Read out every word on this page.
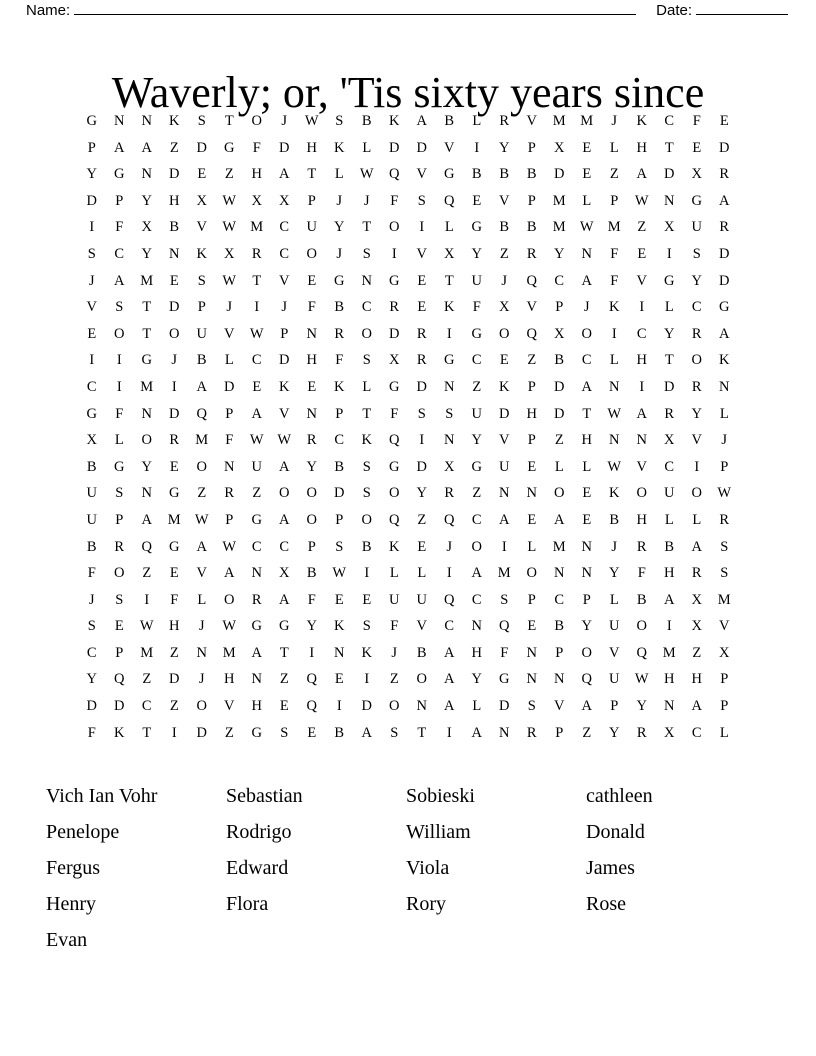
Name:	Date:
Waverly; or, 'Tis sixty years since
G	N	N	K	S	T	O	J	W	S	B	K	A	B	L	R	V	M	M	J	K	C	F	E
P	A	A	Z	D	G	F	D	H	K	L	D	D	V	I	Y	P	X	E	L	H	T	E	D
Y	G	N	D	E	Z	H	A	T	L	W	Q	V	G	B	B	B	D	E	Z	A	D	X	R
D	P	Y	H	X	W	X	X	P	J	J	F	S	Q	E	V	P	M	L	P	W	N	G	A
I	F	X	B	V	W M	C	U	Y	T	O	I	L	G	B	B	M W M	Z	X	U	R
S	C	Y	N	K	X	R	C	O	J	S	I	V	X	Y	Z	R	Y	N	F	E	I	S	D
J	A	M	E	S	W	T	V	E	G	N	G	E	T	U	J	Q	C	A	F	V	G	Y	D
V	S	T	D	P	J	I	J	F	B	C	R	E	K	F	X	V	P	J	K	I	L	C	G
E	O	T	O	U	V	W	P	N	R	O	D	R	I	G	O	Q	X	O	I	C	Y	R	A
I	I	G	J	B	L	C	D	H	F	S	X	R	G	C	E	Z	B	C	L	H	T	O	K
C	I	M	I	A	D	E	K	E	K	L	G	D	N	Z	K	P	D	A	N	I	D	R	N
G	F	N	D	Q	P	A	V	N	P	T	F	S	S	U	D	H	D	T	W	A	R	Y	L
X	L	O	R	M	F	W W	R	C	K	Q	I	N	Y	V	P	Z	H	N	N	X	V	J
B	G	Y	E	O	N	U	A	Y	B	S	G	D	X	G	U	E	L	L	W	V	C	I	P
U	S	N	G	Z	R	Z	O	O	D	S	O	Y	R	Z	N	N	O	E	K	O	U	O	W
U	P	A	M W	P	G	A	O	P	O	Q	Z	Q	C	A	E	A	E	B	H	L	L	R
B	R	Q	G	A	W	C	C	P	S	B	K	E	J	O	I	L	M	N	J	R	B	A	S
F	O	Z	E	V	A	N	X	B	W	I	L	L	I	A	M	O	N	N	Y	F	H	R	S
J	S	I	F	L	O	R	A	F	E	E	U	U	Q	C	S	P	C	P	L	B	A	X	M
S	E	W	H	J	W	G	G	Y	K	S	F	V	C	N	Q	E	B	Y	U	O	I	X	V
C	P	M	Z	N	M	A	T	I	N	K	J	B	A	H	F	N	P	O	V	Q	M	Z	X
Y	Q	Z	D	J	H	N	Z	Q	E	I	Z	O	A	Y	G	N	N	Q	U	W	H	H	P
D	D	C	Z	O	V	H	E	Q	I	D	O	N	A	L	D	S	V	A	P	Y	N	A	P
F	K	T	I	D	Z	G	S	E	B	A	S	T	I	A	N	R	P	Z	Y	R	X	C	L
Vich Ian Vohr	Sebastian	Sobieski	cathleen
Penelope	Rodrigo	William	Donald
Fergus	Edward	Viola	James
Henry	Flora	Rory	Rose
Evan
